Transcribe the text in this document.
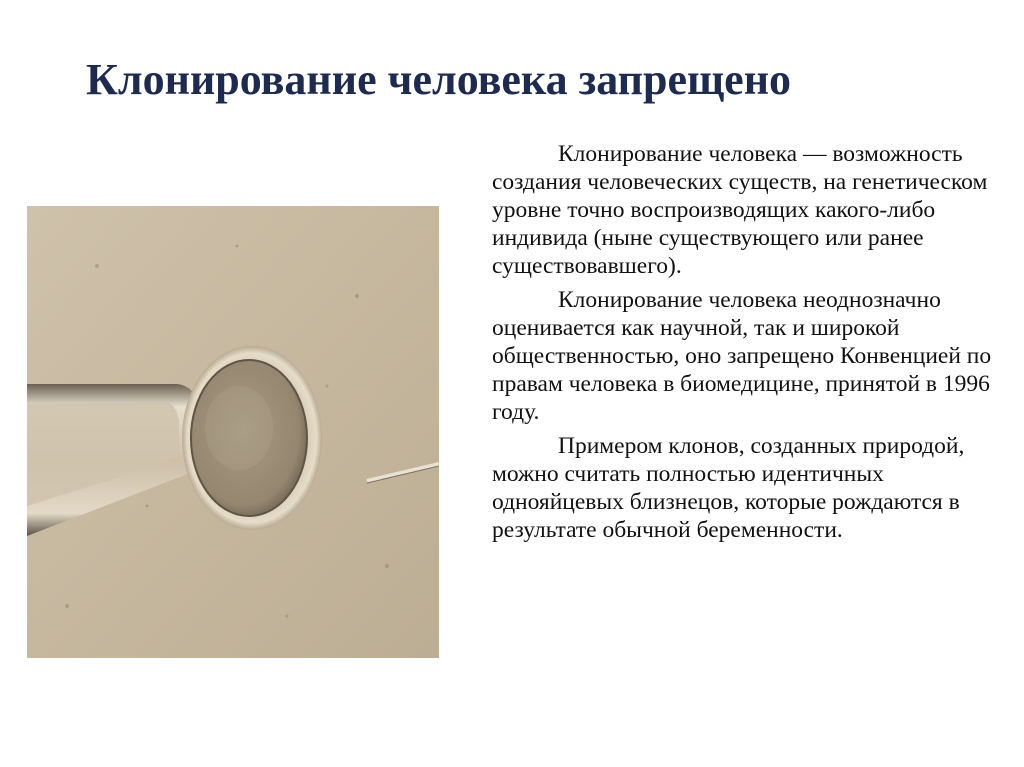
Клонирование человека запрещено

Клонирование человека — возможность создания человеческих существ, на генетическом уровне точно воспроизводящих какого-либо индивида (ныне существующего или ранее существовавшего).

Клонирование человека неоднозначно оценивается как научной, так и широкой общественностью, оно запрещено Конвенцией по правам человека в биомедицине, принятой в 1996 году.

Примером клонов, созданных природой, можно считать полностью идентичных однояйцевых близнецов, которые рождаются в результате обычной беременности.
